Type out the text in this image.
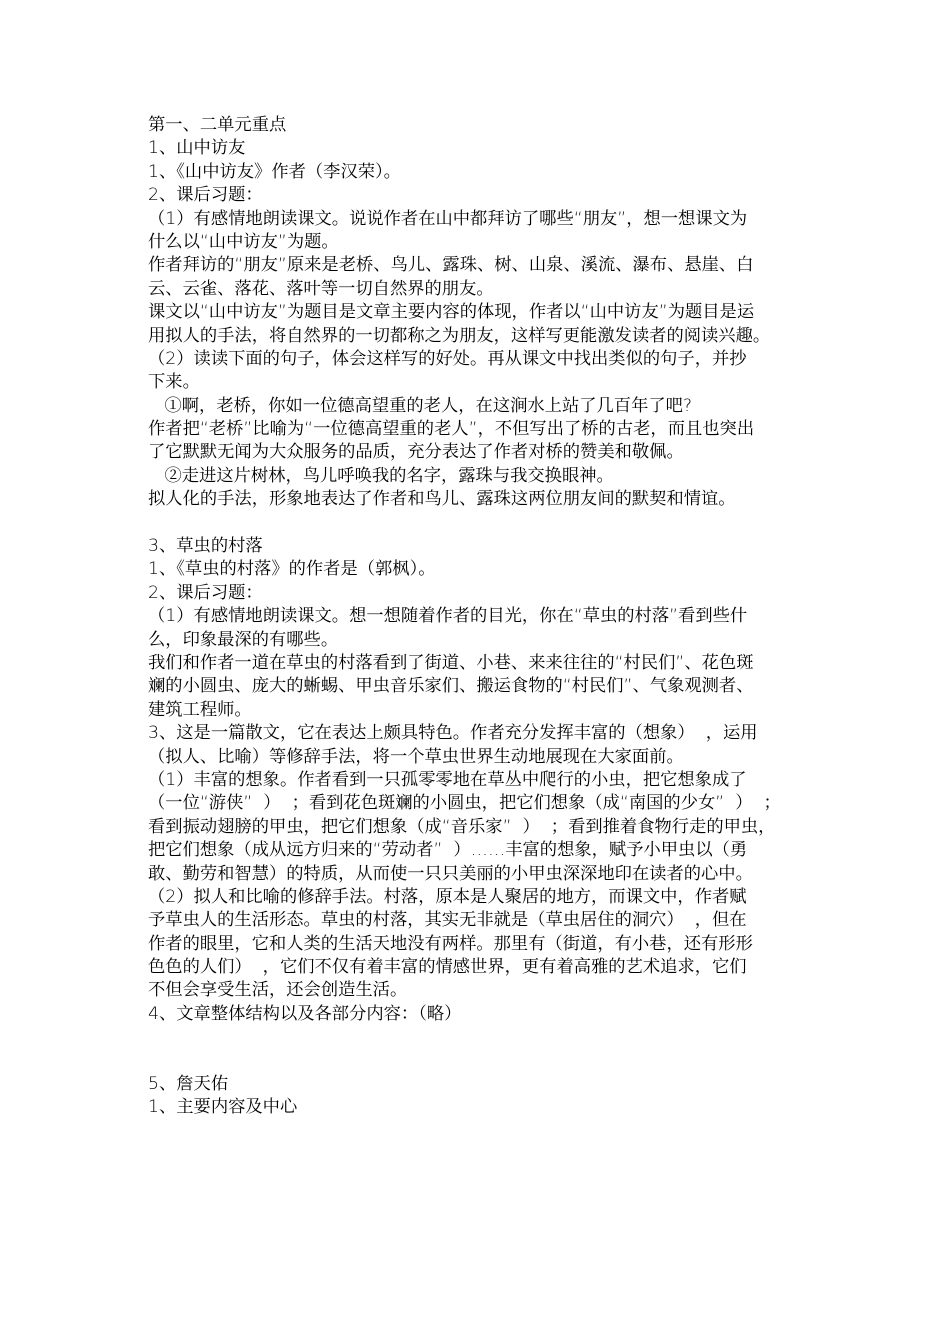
第一、二单元重点
1、山中访友
1、《山中访友》作者（李汉荣）。
2、课后习题：
（1）有感情地朗读课文。说说作者在山中都拜访了哪些“朋友”，想一想课文为
什么以“山中访友”为题。
作者拜访的“朋友”原来是老桥、鸟儿、露珠、树、山泉、溪流、瀑布、悬崖、白
云、云雀、落花、落叶等一切自然界的朋友。
课文以“山中访友”为题目是文章主要内容的体现，作者以“山中访友”为题目是运
用拟人的手法，将自然界的一切都称之为朋友，这样写更能激发读者的阅读兴趣。
（2）读读下面的句子，体会这样写的好处。再从课文中找出类似的句子，并抄
下来。
①啊，老桥，你如一位德高望重的老人，在这涧水上站了几百年了吧?
作者把“老桥”比喻为“一位德高望重的老人”，不但写出了桥的古老，而且也突出
了它默默无闻为大众服务的品质，充分表达了作者对桥的赞美和敬佩。
②走进这片树林，鸟儿呼唤我的名字，露珠与我交换眼神。
拟人化的手法，形象地表达了作者和鸟儿、露珠这两位朋友间的默契和情谊。
3、草虫的村落
1、《草虫的村落》的作者是（郭枫）。
2、课后习题：
（1）有感情地朗读课文。想一想随着作者的目光，你在“草虫的村落”看到些什
么，印象最深的有哪些。
我们和作者一道在草虫的村落看到了街道、小巷、来来往往的“村民们”、花色斑
斓的小圆虫、庞大的蜥蜴、甲虫音乐家们、搬运食物的“村民们”、气象观测者、
建筑工程师。
3、这是一篇散文，它在表达上颇具特色。作者充分发挥丰富的（想象）  ，运用
（拟人、比喻）等修辞手法，将一个草虫世界生动地展现在大家面前。
（1）丰富的想象。作者看到一只孤零零地在草丛中爬行的小虫，把它想象成了
（一位“游侠”  ）  ；看到花色斑斓的小圆虫，把它们想象（成“南国的少女”  ）  ；
看到振动翅膀的甲虫，把它们想象（成“音乐家”  ）  ；看到推着食物行走的甲虫，
把它们想象（成从远方归来的“劳动者”  ）……丰富的想象，赋予小甲虫以（勇
敢、勤劳和智慧）的特质，从而使一只只美丽的小甲虫深深地印在读者的心中。
（2）拟人和比喻的修辞手法。村落，原本是人聚居的地方，而课文中，作者赋
予草虫人的生活形态。草虫的村落，其实无非就是（草虫居住的洞穴）  ，但在
作者的眼里，它和人类的生活天地没有两样。那里有（街道，有小巷，还有形形
色色的人们）  ，它们不仅有着丰富的情感世界，更有着高雅的艺术追求，它们
不但会享受生活，还会创造生活。
4、文章整体结构以及各部分内容：（略）
5、詹天佑
1、主要内容及中心
